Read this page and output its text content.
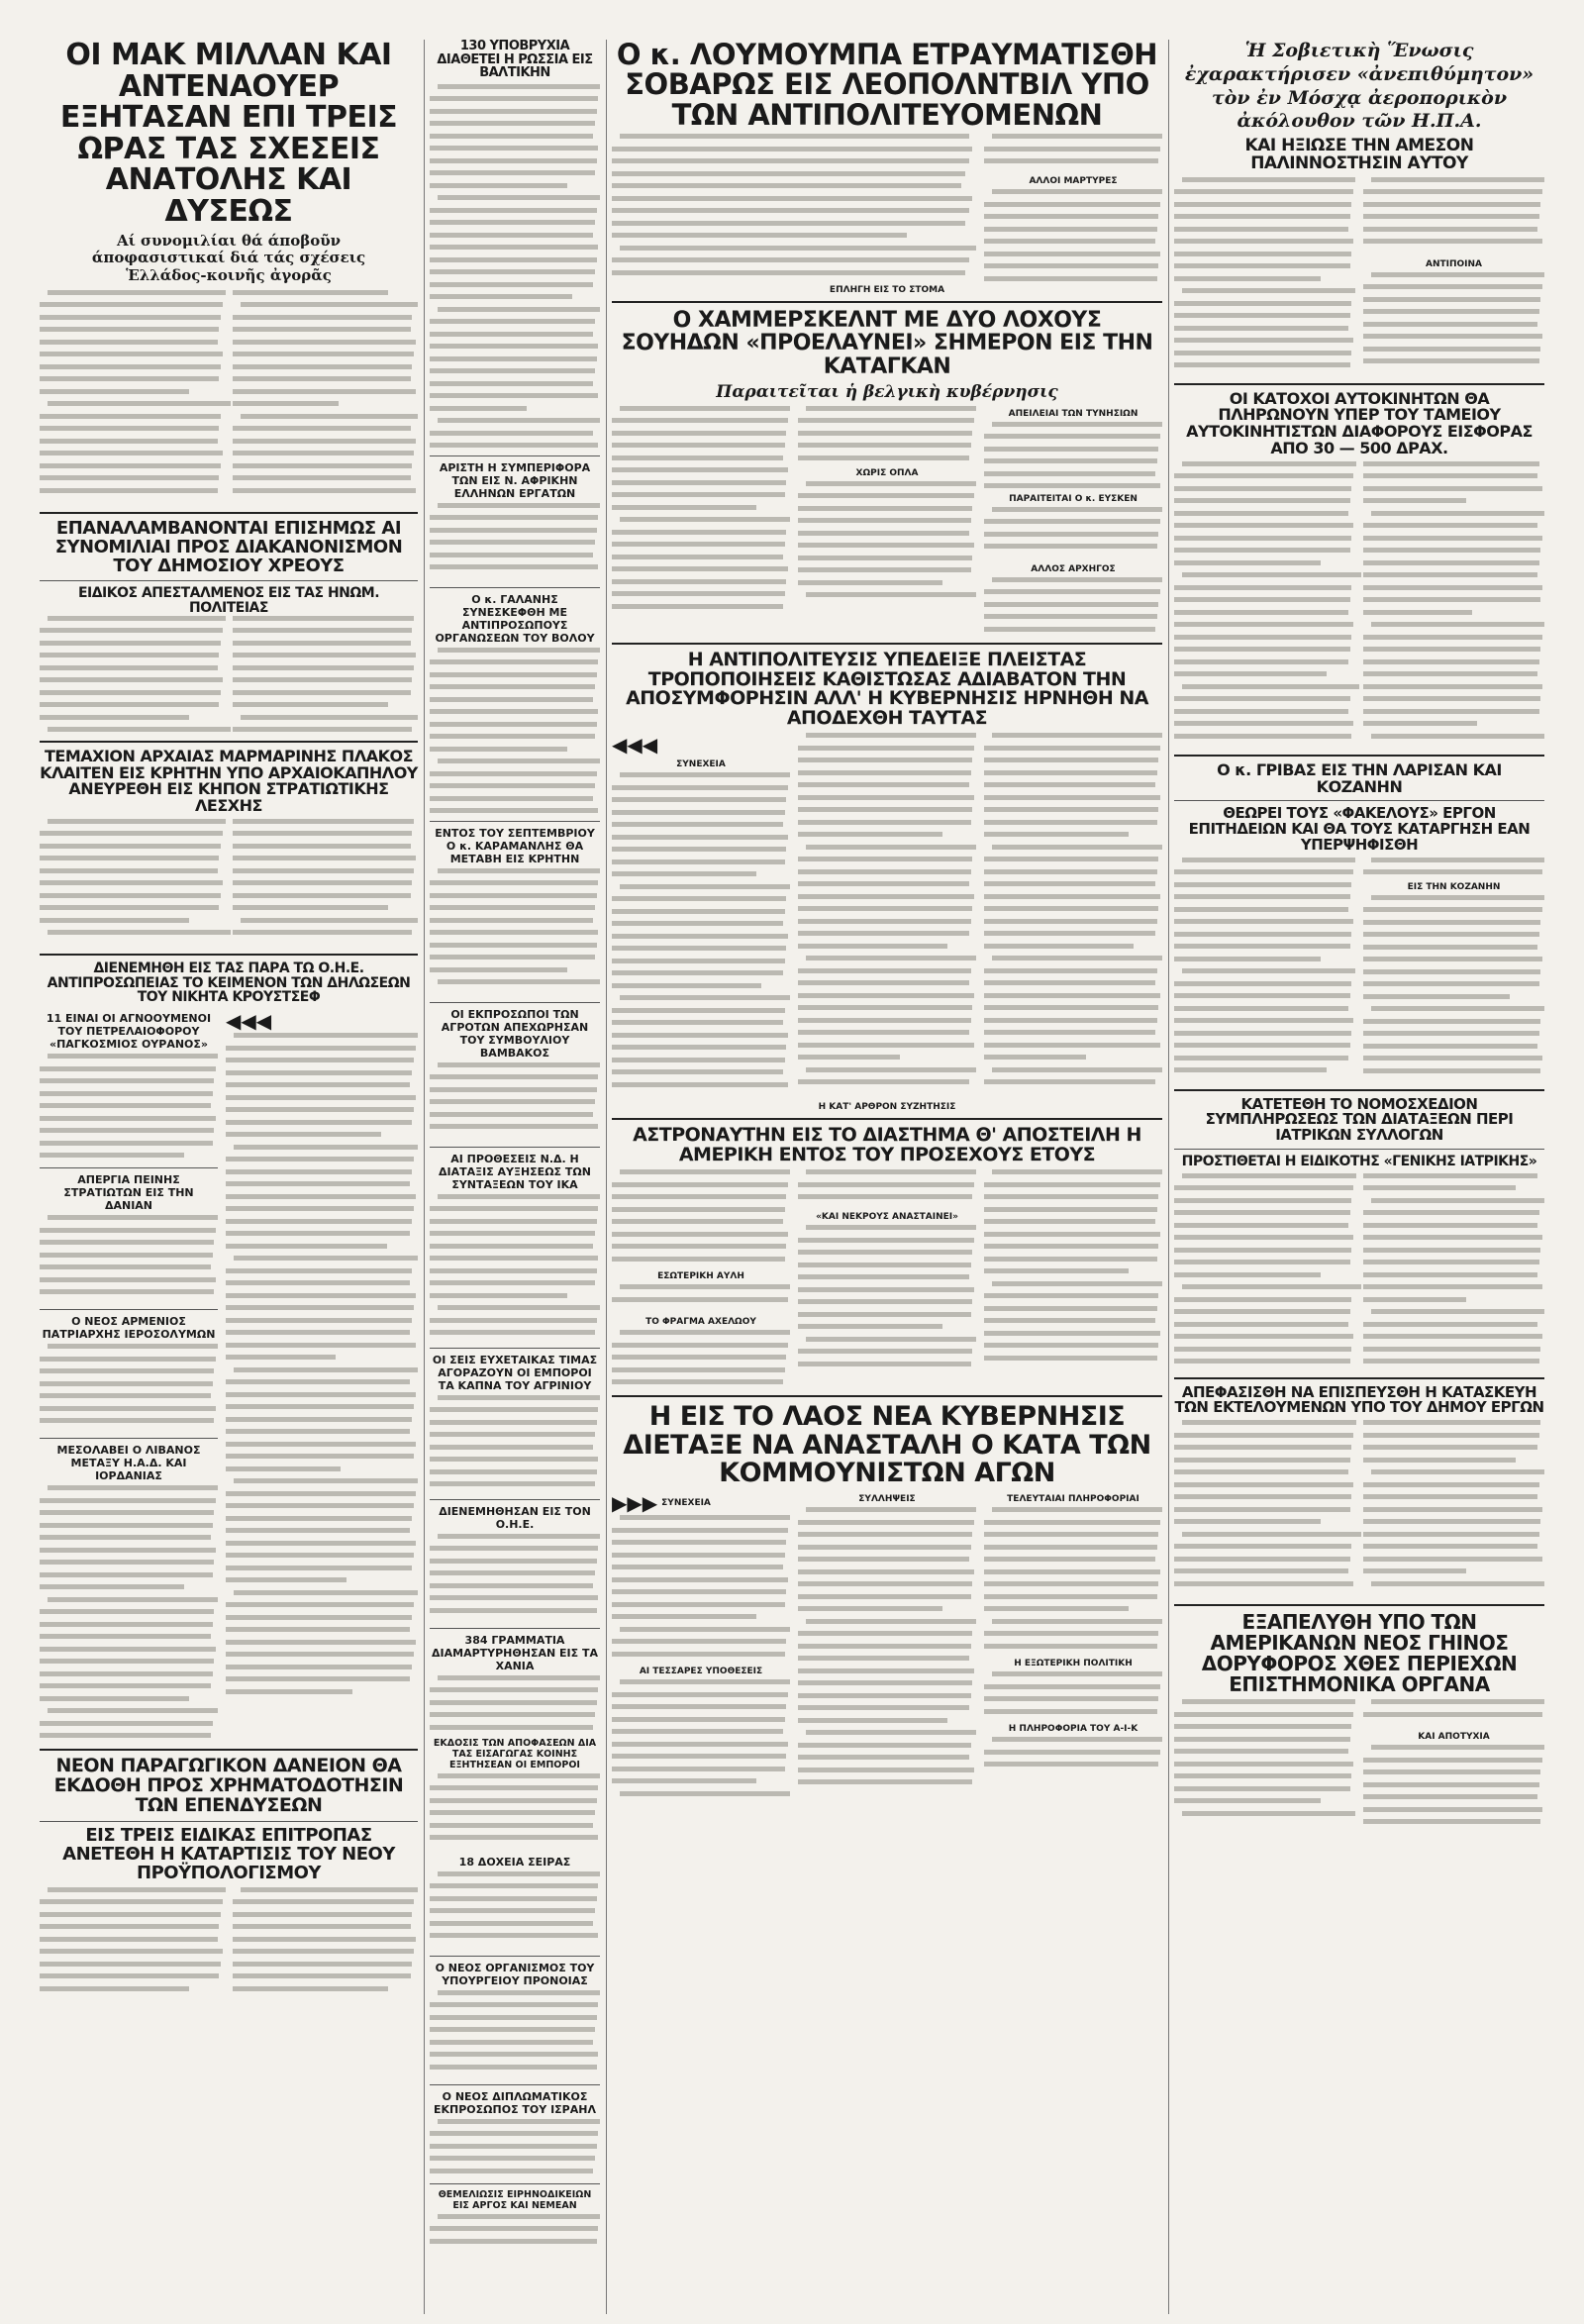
ΟΙ ΜΑΚ ΜΙΛΛΑΝ ΚΑΙ ΑΝΤΕΝΑΟΥΕΡ ΕΞΗΤΑΣΑΝ ΕΠΙ ΤΡΕΙΣ ΩΡΑΣ ΤΑΣ ΣΧΕΣΕΙΣ ΑΝΑΤΟΛΗΣ ΚΑΙ ΔΥΣΕΩΣ
Αί συνομιλίαι θά άποβοῦν άποφασιστικαί διά τάς σχέσεις Ἑλλάδος-κοινῆς ἀγορᾶς
ΕΠΑΝΑΛΑΜΒΑΝΟΝΤΑΙ ΕΠΙΣΗΜΩΣ ΑΙ ΣΥΝΟΜΙΛΙΑΙ ΠΡΟΣ ΔΙΑΚΑΝΟΝΙΣΜΟΝ ΤΟΥ ΔΗΜΟΣΙΟΥ ΧΡΕΟΥΣ
ΕΙΔΙΚΟΣ ΑΠΕΣΤΑΛΜΕΝΟΣ ΕΙΣ ΤΑΣ ΗΝΩΜ. ΠΟΛΙΤΕΙΑΣ
ΤΕΜΑΧΙΟΝ ΑΡΧΑΙΑΣ ΜΑΡΜΑΡΙΝΗΣ ΠΛΑΚΟΣ ΚΛΑΙΤΕΝ ΕΙΣ ΚΡΗΤΗΝ ΥΠΟ ΑΡΧΑΙΟΚΑΠΗΛΟΥ ΑΝΕΥΡΕΘΗ ΕΙΣ ΚΗΠΟΝ ΣΤΡΑΤΙΩΤΙΚΗΣ ΛΕΣΧΗΣ
ΔΙΕΝΕΜΗΘΗ ΕΙΣ ΤΑΣ ΠΑΡΑ ΤΩ Ο.Η.Ε. ΑΝΤΙΠΡΟΣΩΠΕΙΑΣ ΤΟ ΚΕΙΜΕΝΟΝ ΤΩΝ ΔΗΛΩΣΕΩΝ ΤΟΥ ΝΙΚΗΤΑ ΚΡΟΥΣΤΣΕΦ
11 ΕΙΝΑΙ ΟΙ ΑΓΝΟΟΥΜΕΝΟΙ ΤΟΥ ΠΕΤΡΕΛΑΙΟΦΟΡΟΥ «ΠΑΓΚΟΣΜΙΟΣ ΟΥΡΑΝΟΣ»
ΑΠΕΡΓΙΑ ΠΕΙΝΗΣ ΣΤΡΑΤΙΩΤΩΝ ΕΙΣ ΤΗΝ ΔΑΝΙΑΝ
Ο ΝΕΟΣ ΑΡΜΕΝΙΟΣ ΠΑΤΡΙΑΡΧΗΣ ΙΕΡΟΣΟΛΥΜΩΝ
ΜΕΣΟΛΑΒΕΙ Ο ΛΙΒΑΝΟΣ ΜΕΤΑΞΥ Η.Α.Δ. ΚΑΙ ΙΟΡΔΑΝΙΑΣ
◀◀◀
ΝΕΟΝ ΠΑΡΑΓΩΓΙΚΟΝ ΔΑΝΕΙΟΝ ΘΑ ΕΚΔΟΘΗ ΠΡΟΣ ΧΡΗΜΑΤΟΔΟΤΗΣΙΝ ΤΩΝ ΕΠΕΝΔΥΣΕΩΝ
ΕΙΣ ΤΡΕΙΣ ΕΙΔΙΚΑΣ ΕΠΙΤΡΟΠΑΣ ΑΝΕΤΕΘΗ Η ΚΑΤΑΡΤΙΣΙΣ ΤΟΥ ΝΕΟΥ ΠΡΟΫΠΟΛΟΓΙΣΜΟΥ
130 ΥΠΟΒΡΥΧΙΑ ΔΙΑΘΕΤΕΙ Η ΡΩΣΣΙΑ ΕΙΣ ΒΑΛΤΙΚΗΝ
ΑΡΙΣΤΗ Η ΣΥΜΠΕΡΙΦΟΡΑ ΤΩΝ ΕΙΣ Ν. ΑΦΡΙΚΗΝ ΕΛΛΗΝΩΝ ΕΡΓΑΤΩΝ
Ο κ. ΓΑΛΑΝΗΣ ΣΥΝΕΣΚΕΦΘΗ ΜΕ ΑΝΤΙΠΡΟΣΩΠΟΥΣ ΟΡΓΑΝΩΣΕΩΝ ΤΟΥ ΒΟΛΟΥ
ΕΝΤΟΣ ΤΟΥ ΣΕΠΤΕΜΒΡΙΟΥ Ο κ. ΚΑΡΑΜΑΝΛΗΣ ΘΑ ΜΕΤΑΒΗ ΕΙΣ ΚΡΗΤΗΝ
ΟΙ ΕΚΠΡΟΣΩΠΟΙ ΤΩΝ ΑΓΡΟΤΩΝ ΑΠΕΧΩΡΗΣΑΝ ΤΟΥ ΣΥΜΒΟΥΛΙΟΥ ΒΑΜΒΑΚΟΣ
ΑΙ ΠΡΟΘΕΣΕΙΣ Ν.Δ. Η ΔΙΑΤΑΞΙΣ ΑΥΞΗΣΕΩΣ ΤΩΝ ΣΥΝΤΑΞΕΩΝ ΤΟΥ ΙΚΑ
ΟΙ ΣΕΙΣ ΕΥΧΕΤΑΙΚΑΣ ΤΙΜΑΣ ΑΓΟΡΑΖΟΥΝ ΟΙ ΕΜΠΟΡΟΙ ΤΑ ΚΑΠΝΑ ΤΟΥ ΑΓΡΙΝΙΟΥ
ΔΙΕΝΕΜΗΘΗΣΑΝ ΕΙΣ ΤΟΝ Ο.Η.Ε.
384 ΓΡΑΜΜΑΤΙΑ ΔΙΑΜΑΡΤΥΡΗΘΗΣΑΝ ΕΙΣ ΤΑ ΧΑΝΙΑ
ΕΚΔΟΣΙΣ ΤΩΝ ΑΠΟΦΑΣΕΩΝ ΔΙΑ ΤΑΣ ΕΙΣΑΓΩΓΑΣ ΚΟΙΝΗΣ ΕΞΗΤΗΣΕΑΝ ΟΙ ΕΜΠΟΡΟΙ
18 ΔΟΧΕΙΑ ΣΕΙΡΑΣ
Ο ΝΕΟΣ ΟΡΓΑΝΙΣΜΟΣ ΤΟΥ ΥΠΟΥΡΓΕΙΟΥ ΠΡΟΝΟΙΑΣ
Ο ΝΕΟΣ ΔΙΠΛΩΜΑΤΙΚΟΣ ΕΚΠΡΟΣΩΠΟΣ ΤΟΥ ΙΣΡΑΗΛ
ΘΕΜΕΛΙΩΣΙΣ ΕΙΡΗΝΟΔΙΚΕΙΩΝ ΕΙΣ ΑΡΓΟΣ ΚΑΙ ΝΕΜΕΑΝ
Ο κ. ΛΟΥΜΟΥΜΠΑ ΕΤΡΑΥΜΑΤΙΣΘΗ ΣΟΒΑΡΩΣ ΕΙΣ ΛΕΟΠΟΛΝΤΒΙΛ ΥΠΟ ΤΩΝ ΑΝΤΙΠΟΛΙΤΕΥΟΜΕΝΩΝ
ΑΛΛΟΙ ΜΑΡΤΥΡΕΣ
ΕΠΛΗΓΗ ΕΙΣ ΤΟ ΣΤΟΜΑ
Ο ΧΑΜΜΕΡΣΚΕΛΝΤ ΜΕ ΔΥΟ ΛΟΧΟΥΣ ΣΟΥΗΔΩΝ «ΠΡΟΕΛΑΥΝΕΙ» ΣΗΜΕΡΟΝ ΕΙΣ ΤΗΝ ΚΑΤΑΓΚΑΝ
Παραιτεῖται ἡ βελγικὴ κυβέρνησις
ΧΩΡΙΣ ΟΠΛΑ
ΑΠΕΙΛΕΙΑΙ ΤΩΝ ΤΥΝΗΣΙΩΝ
ΠΑΡΑΙΤΕΙΤΑΙ Ο κ. ΕΥΣΚΕΝ
ΑΛΛΟΣ ΑΡΧΗΓΟΣ
Η ΑΝΤΙΠΟΛΙΤΕΥΣΙΣ ΥΠΕΔΕΙΞΕ ΠΛΕΙΣΤΑΣ ΤΡΟΠΟΠΟΙΗΣΕΙΣ ΚΑΘΙΣΤΩΣΑΣ ΑΔΙΑΒΑΤΟΝ ΤΗΝ ΑΠΟΣΥΜΦΟΡΗΣΙΝ ΑΛΛ' Η ΚΥΒΕΡΝΗΣΙΣ ΗΡΝΗΘΗ ΝΑ ΑΠΟΔΕΧΘΗ ΤΑΥΤΑΣ
◀◀◀
ΣΥΝΕΧΕΙΑ
Η ΚΑΤ' ΑΡΘΡΟΝ ΣΥΖΗΤΗΣΙΣ
ΑΣΤΡΟΝΑΥΤΗΝ ΕΙΣ ΤΟ ΔΙΑΣΤΗΜΑ Θ' ΑΠΟΣΤΕΙΛΗ Η ΑΜΕΡΙΚΗ ΕΝΤΟΣ ΤΟΥ ΠΡΟΣΕΧΟΥΣ ΕΤΟΥΣ
ΕΣΩΤΕΡΙΚΗ ΑΥΛΗ
ΤΟ ΦΡΑΓΜΑ ΑΧΕΛΩΟΥ
«ΚΑΙ ΝΕΚΡΟΥΣ ΑΝΑΣΤΑΙΝΕΙ»
Η ΕΙΣ ΤΟ ΛΑΟΣ ΝΕΑ ΚΥΒΕΡΝΗΣΙΣ ΔΙΕΤΑΞΕ ΝΑ ΑΝΑΣΤΑΛΗ Ο ΚΑΤΑ ΤΩΝ ΚΟΜΜΟΥΝΙΣΤΩΝ ΑΓΩΝ
▶▶▶ ΣΥΝΕΧΕΙΑ
ΑΙ ΤΕΣΣΑΡΕΣ ΥΠΟΘΕΣΕΙΣ
ΣΥΛΛΗΨΕΙΣ	ΤΕΛΕΥΤΑΙΑΙ ΠΛΗΡΟΦΟΡΙΑΙ
Η ΕΞΩΤΕΡΙΚΗ ΠΟΛΙΤΙΚΗ
Η ΠΛΗΡΟΦΟΡΙΑ ΤΟΥ Α-Ι-Κ
Ἡ Σοβιετικὴ Ἕνωσις ἐχαρακτήρισεν «ἀνεπιθύμητον» τὸν ἐν Μόσχᾳ ἀεροπορικὸν ἀκόλουθον τῶν Η.Π.Α.
ΚΑΙ ΗΞΙΩΣΕ ΤΗΝ ΑΜΕΣΟΝ ΠΑΛΙΝΝΟΣΤΗΣΙΝ ΑΥΤΟΥ
ΑΝΤΙΠΟΙΝΑ
ΟΙ ΚΑΤΟΧΟΙ ΑΥΤΟΚΙΝΗΤΩΝ ΘΑ ΠΛΗΡΩΝΟΥΝ ΥΠΕΡ ΤΟΥ ΤΑΜΕΙΟΥ ΑΥΤΟΚΙΝΗΤΙΣΤΩΝ ΔΙΑΦΟΡΟΥΣ ΕΙΣΦΟΡΑΣ ΑΠΟ 30 — 500 ΔΡΑΧ.
Ο κ. ΓΡΙΒΑΣ ΕΙΣ ΤΗΝ ΛΑΡΙΣΑΝ ΚΑΙ ΚΟΖΑΝΗΝ
ΘΕΩΡΕΙ ΤΟΥΣ «ΦΑΚΕΛΟΥΣ» ΕΡΓΟΝ ΕΠΙΤΗΔΕΙΩΝ ΚΑΙ ΘΑ ΤΟΥΣ ΚΑΤΑΡΓΗΣΗ ΕΑΝ ΥΠΕΡΨΗΦΙΣΘΗ
ΕΙΣ ΤΗΝ ΚΟΖΑΝΗΝ
ΚΑΤΕΤΕΘΗ ΤΟ ΝΟΜΟΣΧΕΔΙΟΝ ΣΥΜΠΛΗΡΩΣΕΩΣ ΤΩΝ ΔΙΑΤΑΞΕΩΝ ΠΕΡΙ ΙΑΤΡΙΚΩΝ ΣΥΛΛΟΓΩΝ
ΠΡΟΣΤΙΘΕΤΑΙ Η ΕΙΔΙΚΟΤΗΣ «ΓΕΝΙΚΗΣ ΙΑΤΡΙΚΗΣ»
ΑΠΕΦΑΣΙΣΘΗ ΝΑ ΕΠΙΣΠΕΥΣΘΗ Η ΚΑΤΑΣΚΕΥΗ ΤΩΝ ΕΚΤΕΛΟΥΜΕΝΩΝ ΥΠΟ ΤΟΥ ΔΗΜΟΥ ΕΡΓΩΝ
ΕΞΑΠΕΛΥΘΗ ΥΠΟ ΤΩΝ ΑΜΕΡΙΚΑΝΩΝ ΝΕΟΣ ΓΗΙΝΟΣ ΔΟΡΥΦΟΡΟΣ ΧΘΕΣ ΠΕΡΙΕΧΩΝ ΕΠΙΣΤΗΜΟΝΙΚΑ ΟΡΓΑΝΑ
ΚΑΙ ΑΠΟΤΥΧΙΑ
